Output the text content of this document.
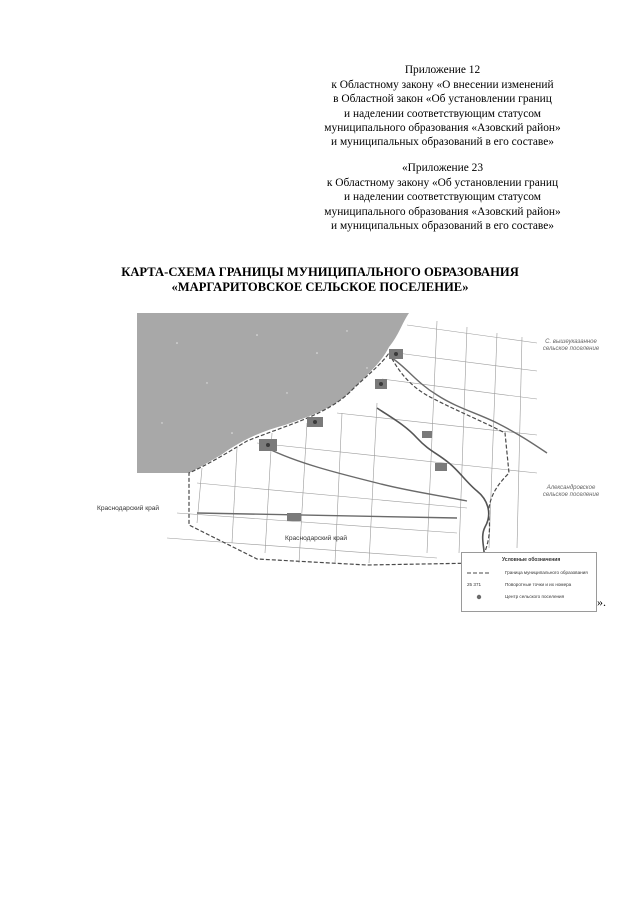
Приложение 12
к Областному закону «О внесении изменений
в Областной закон «Об установлении границ
и наделении соответствующим статусом
муниципального образования «Азовский район»
и муниципальных образований в его составе»
«Приложение 23
к Областному закону «Об установлении границ
и наделении соответствующим статусом
муниципального образования «Азовский район»
и муниципальных образований в его составе»
КАРТА-СХЕМА ГРАНИЦЫ МУНИЦИПАЛЬНОГО ОБРАЗОВАНИЯ
«МАРГАРИТОВСКОЕ СЕЛЬСКОЕ ПОСЕЛЕНИЕ»
Краснодарский край
Краснодарский край
С. вышеуказанное сельское поселение
Александровское сельское поселение
Условные обозначения
Граница муниципального образования
25 371	Поворотные точки и их номера
Центр сельского поселения	».
